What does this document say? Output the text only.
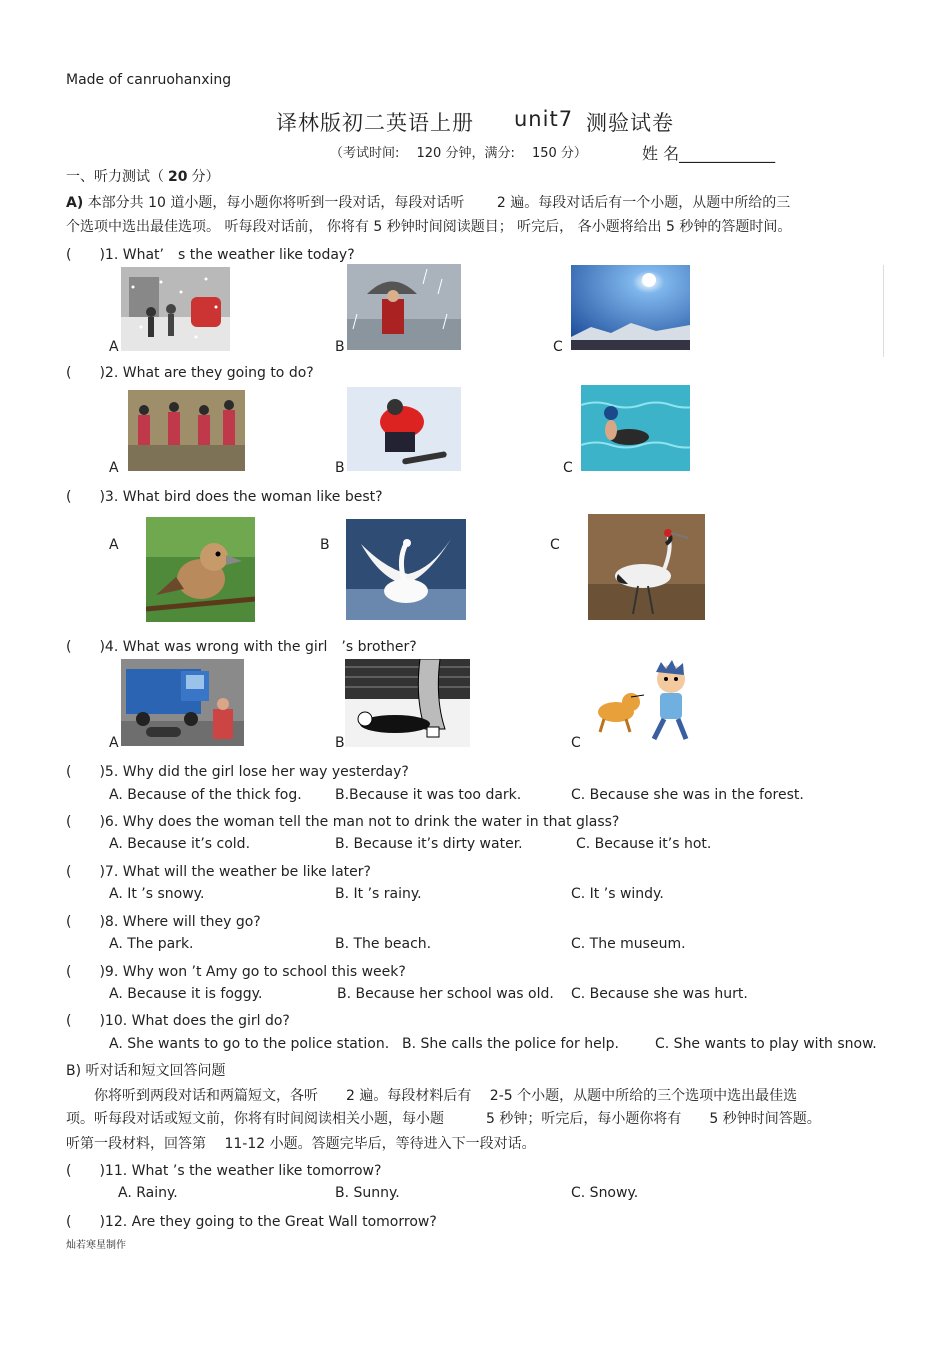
Made of canruohanxing
译林版初二英语上册 unit7 测验试卷
（考试时间:　 120 分钟，满分:　 150 分）	姓 名____________
一、听力测试（ 20 分）
A) 本部分共 10 道小题，每小题你将听到一段对话，每段对话听　　 2 遍。每段对话后有一个小题，从题中所给的三
个选项中选出最佳选项。 听每段对话前， 你将有 5 秒钟时间阅读题目； 听完后， 各小题将给出 5 秒钟的答题时间。
(　　)1. What’　s the weather like today?
A	B	C
(　　)2. What are they going to do?
A	B	C
(　　)3. What bird does the woman like best?
A	B	C
(　　)4. What was wrong with the girl　’s brother?
A	B	C
(　　)5. Why did the girl lose her way yesterday?
A. Because of the thick fog. B.Because it was too dark.	C. Because she was in the forest.
(　　)6. Why does the woman tell the man not to drink the water in that glass?
A. Because it’s cold.	B. Because it’s dirty water.	C. Because it’s hot.
(　　)7. What will the weather be like later?
A. It ’s snowy.	B. It ’s rainy.	C. It ’s windy.
(　　)8. Where will they go?
A. The park.	B. The beach.	C. The museum.
(　　)9. Why won ’t Amy go to school this week?
A. Because it is foggy.	B. Because her school was old. C. Because she was hurt.
(　　)10. What does the girl do?
A. She wants to go to the police station. B. She calls the police for help.	C. She wants to play with snow.
B) 听对话和短文回答问题
你将听到两段对话和两篇短文，各听　　2 遍。每段材料后有　 2-5 个小题，从题中所给的三个选项中选出最佳选
项。听每段对话或短文前，你将有时间阅读相关小题，每小题　　　5 秒钟；听完后，每小题你将有　　5 秒钟时间答题。
听第一段材料，回答第　 11-12 小题。答题完毕后，等待进入下一段对话。
(　　)11. What ’s the weather like tomorrow?
A. Rainy.	B. Sunny.	C. Snowy.
(　　)12. Are they going to the Great Wall tomorrow?
灿若寒星制作
